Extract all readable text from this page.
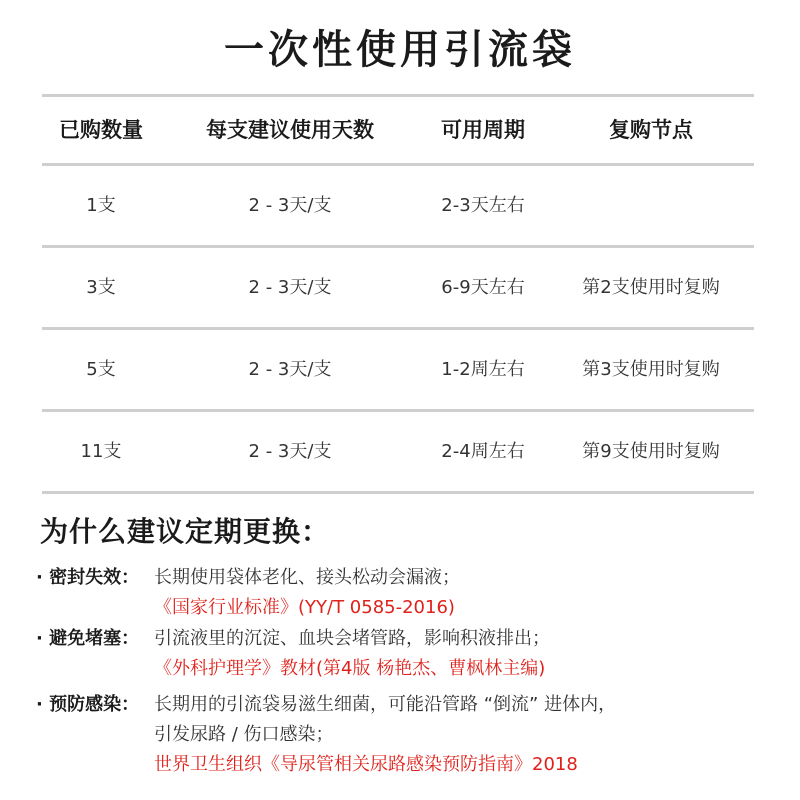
一次性使用引流袋
已购数量	每支建议使用天数	可用周期	复购节点
1支	2 - 3天/支	2-3天左右
3支	2 - 3天/支	6-9天左右	第2支使用时复购
5支	2 - 3天/支	1-2周左右	第3支使用时复购
11支	2 - 3天/支	2-4周左右	第9支使用时复购
为什么建议定期更换：
· 密封失效： 长期使用袋体老化、接头松动会漏液；
《国家行业标准》(YY/T 0585-2016)
· 避免堵塞： 引流液里的沉淀、血块会堵管路，影响积液排出；
《外科护理学》教材(第4版 杨艳杰、曹枫林主编)
· 预防感染： 长期用的引流袋易滋生细菌，可能沿管路 “倒流” 进体内，
引发尿路 / 伤口感染；
世界卫生组织《导尿管相关尿路感染预防指南》2018
